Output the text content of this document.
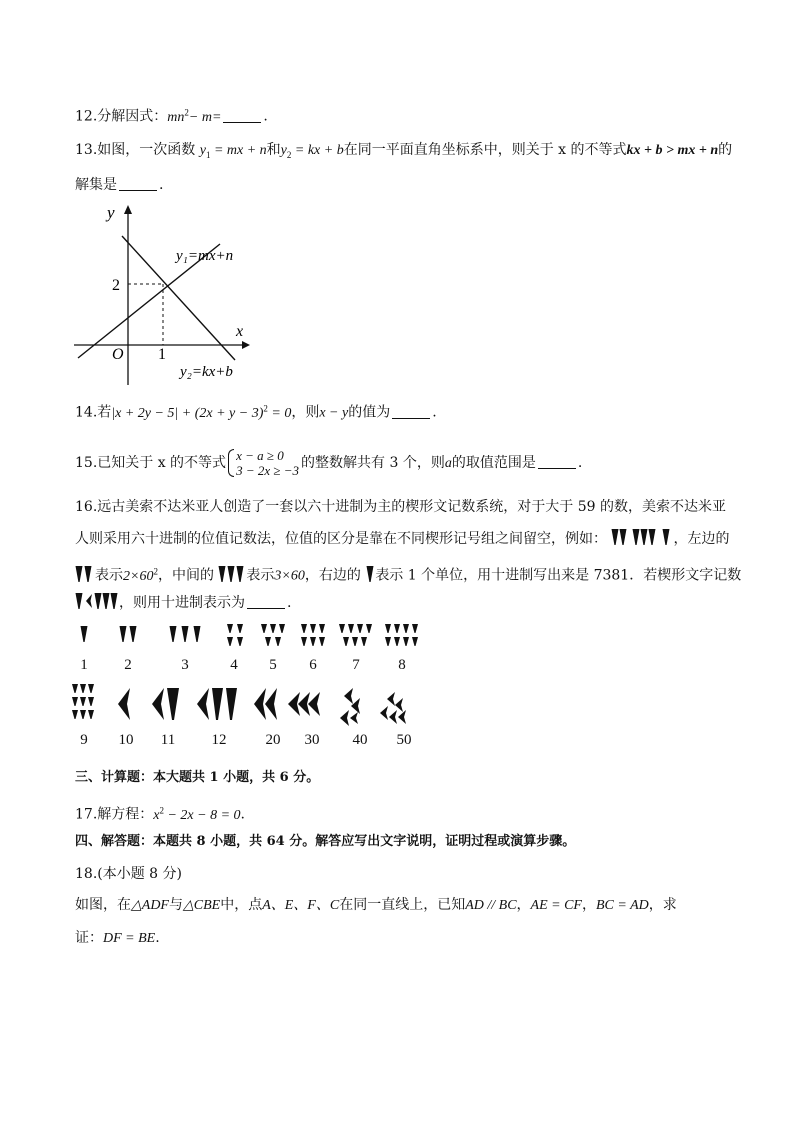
12.分解因式：$mn^2- m=$	.
13.如图，一次函数 $y_1$ = mx + n和$y_2$ = kx + b在同一平面直角坐标系中，则关于 x 的不等式kx + b > mx + n的
解集是	.
y
x
O
2
1
y₁=mx+n
y₂=kx+b
14.若$|x + 2y - 5| + (2x + y - 3)^2 = 0$，则x − y的值为	.
15.已知关于 x 的不等式 x − a ≥ 0
3 − 2x ≥ −3 的整数解共有 3 个，则a的取值范围是	.
16.远古美索不达米亚人创造了一套以六十进制为主的楔形文记数系统，对于大于 59 的数，美索不达米亚
人则采用六十进制的位值记数法，位值的区分是靠在不同楔形记号组之间留空，例如：	，左边的
表示$2\times 60^2$，中间的 表示3×60，右边的 表示 1 个单位，用十进制写出来是 7381．若楔形文字记数
，则用十进制表示为	.
1	2	3	4	5	6	7	8
9	10	11	12	20	30	40	50
三、计算题：本大题共 1 小题，共 6 分。
17.解方程：$x^2 - 2x - 8 = 0$.
四、解答题：本题共 8 小题，共 64 分。解答应写出文字说明，证明过程或演算步骤。
18.(本小题 8 分)
如图，在△ADF与△CBE中，点A、E、F、C在同一直线上，已知AD // BC，AE = CF，BC = AD，求
证：DF = BE.
